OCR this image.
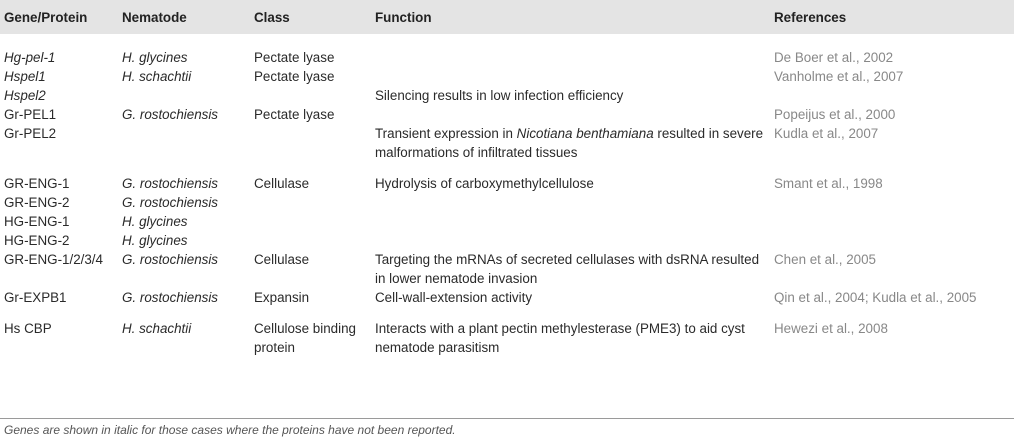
Gene/Protein	Nematode	Class	Function	References
Hg-pel-1	H. glycines	Pectate lyase		De Boer et al., 2002
Hspel1	H. schachtii	Pectate lyase		Vanholme et al., 2007
Hspel2			Silencing results in low infection efficiency	
Gr-PEL1	G. rostochiensis	Pectate lyase		Popeijus et al., 2000
Gr-PEL2			Transient expression in Nicotiana benthamiana resulted in severe malformations of infiltrated tissues	Kudla et al., 2007
GR-ENG-1	G. rostochiensis	Cellulase	Hydrolysis of carboxymethylcellulose	Smant et al., 1998
GR-ENG-2	G. rostochiensis			
HG-ENG-1	H. glycines			
HG-ENG-2	H. glycines			
GR-ENG-1/2/3/4	G. rostochiensis	Cellulase	Targeting the mRNAs of secreted cellulases with dsRNA resulted in lower nematode invasion	Chen et al., 2005
Gr-EXPB1	G. rostochiensis	Expansin	Cell-wall-extension activity	Qin et al., 2004; Kudla et al., 2005
Hs CBP	H. schachtii	Cellulose binding protein	Interacts with a plant pectin methylesterase (PME3) to aid cyst nematode parasitism	Hewezi et al., 2008
Genes are shown in italic for those cases where the proteins have not been reported.
